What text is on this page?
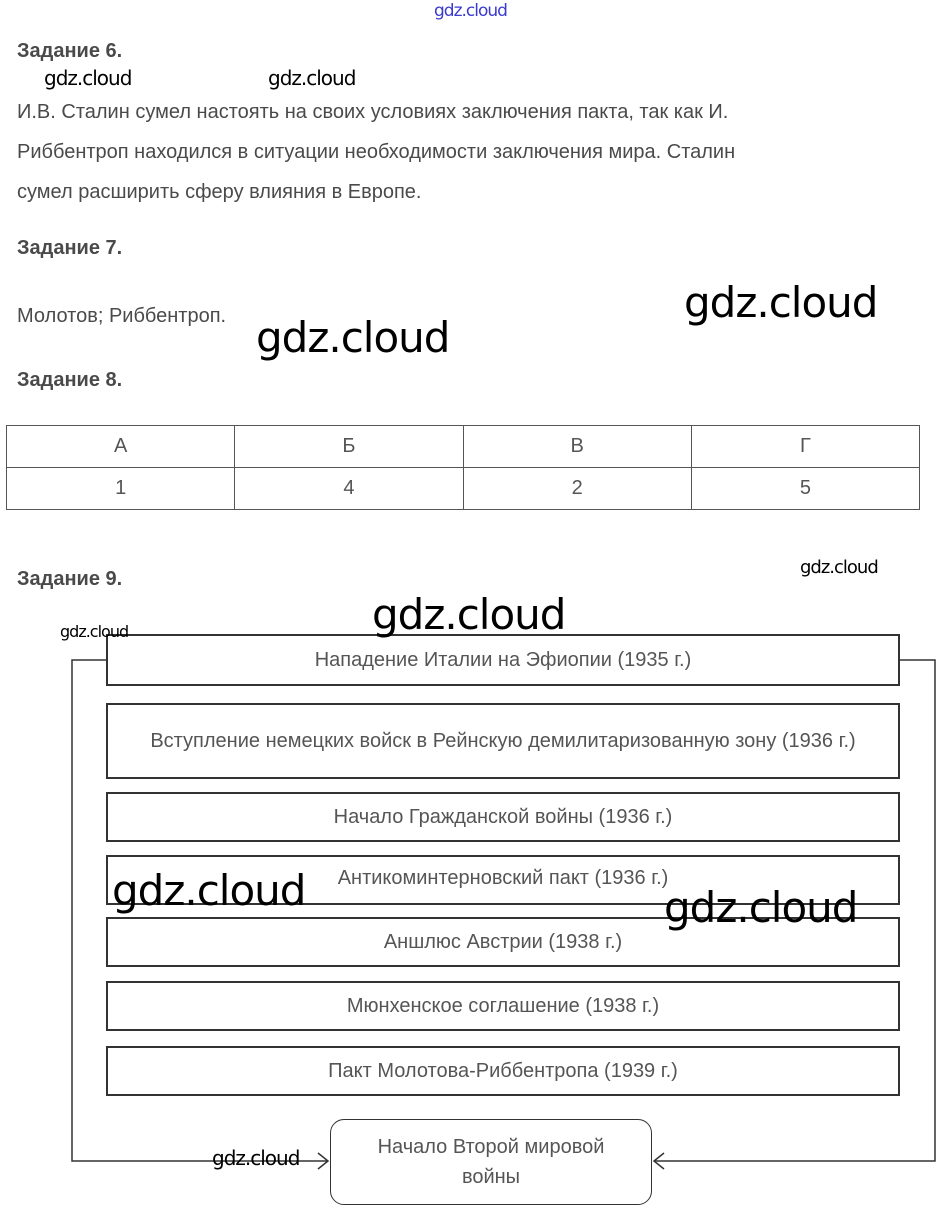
gdz.cloud
Задание 6.
gdz.cloud	gdz.cloud
И.В. Сталин сумел настоять на своих условиях заключения пакта, так как И.
Риббентроп находился в ситуации необходимости заключения мира. Сталин
сумел расширить сферу влияния в Европе.
Задание 7.
Молотов; Риббентроп.	gdz.cloud
gdz.cloud
Задание 8.
А	Б	В	Г
1	4	2	5
Задание 9.
gdz.cloud
Нападение Италии на Эфиопии (1935 г.)
Вступление немецких войск в Рейнскую демилитаризованную зону (1936 г.)
Начало Гражданской войны (1936 г.)
Антикоминтерновский пакт (1936 г.)
Аншлюс Австрии (1938 г.)
Мюнхенское соглашение (1938 г.)
Пакт Молотова-Риббентропа (1939 г.)
Начало Второй мировой войны
gdz.cloud	gdz.cloud
gdz.cloud	gdz.cloud
gdz.cloud
